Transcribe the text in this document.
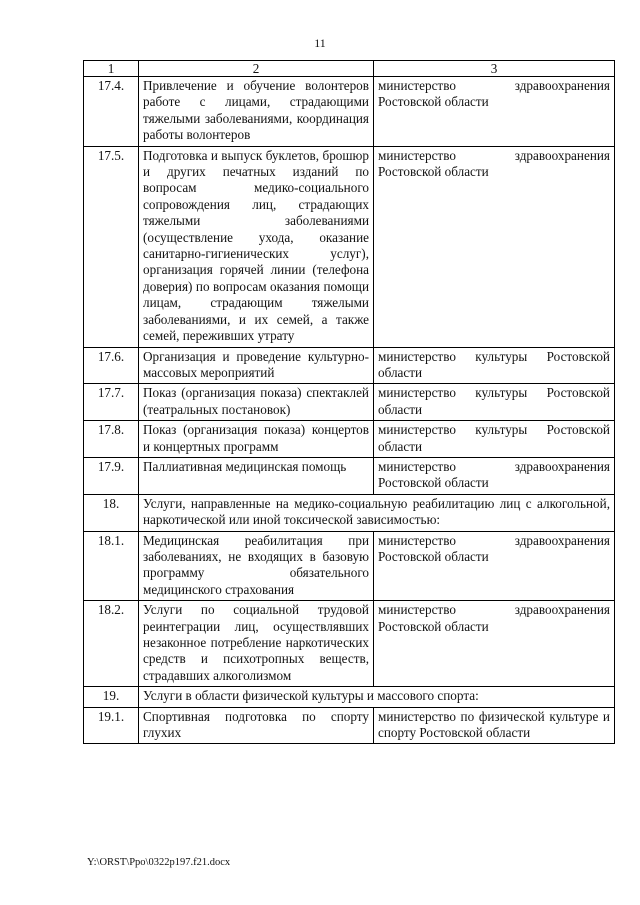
11
1	2	3
17.4.	Привлечение и обучение волонтеров работе с лицами, страдающими тяжелыми заболеваниями, координация работы волонтеров	министерство здравоохранения Ростовской области
17.5.	Подготовка и выпуск буклетов, брошюр и других печатных изданий по вопросам медико-социального сопровождения лиц, страдающих тяжелыми заболеваниями (осуществление ухода, оказание санитарно-гигиенических услуг), организация горячей линии (телефона доверия) по вопросам оказания помощи лицам, страдающим тяжелыми заболеваниями, и их семей, а также семей, переживших утрату	министерство здравоохранения Ростовской области
17.6.	Организация и проведение культурно-массовых мероприятий	министерство культуры Ростовской области
17.7.	Показ (организация показа) спектаклей (театральных постановок)	министерство культуры Ростовской области
17.8.	Показ (организация показа) концертов и концертных программ	министерство культуры Ростовской области
17.9.	Паллиативная медицинская помощь	министерство здравоохранения Ростовской области
18.	Услуги, направленные на медико-социальную реабилитацию лиц с алкогольной, наркотической или иной токсической зависимостью:	
18.1.	Медицинская реабилитация при заболеваниях, не входящих в базовую программу обязательного медицинского страхования	министерство здравоохранения Ростовской области
18.2.	Услуги по социальной трудовой реинтеграции лиц, осуществлявших незаконное потребление наркотических средств и психотропных веществ, страдавших алкоголизмом	министерство здравоохранения Ростовской области
19.	Услуги в области физической культуры и массового спорта:	
19.1.	Спортивная подготовка по спорту глухих	министерство по физической культуре и спорту Ростовской области
Y:\ORST\Ppo\0322p197.f21.docx
